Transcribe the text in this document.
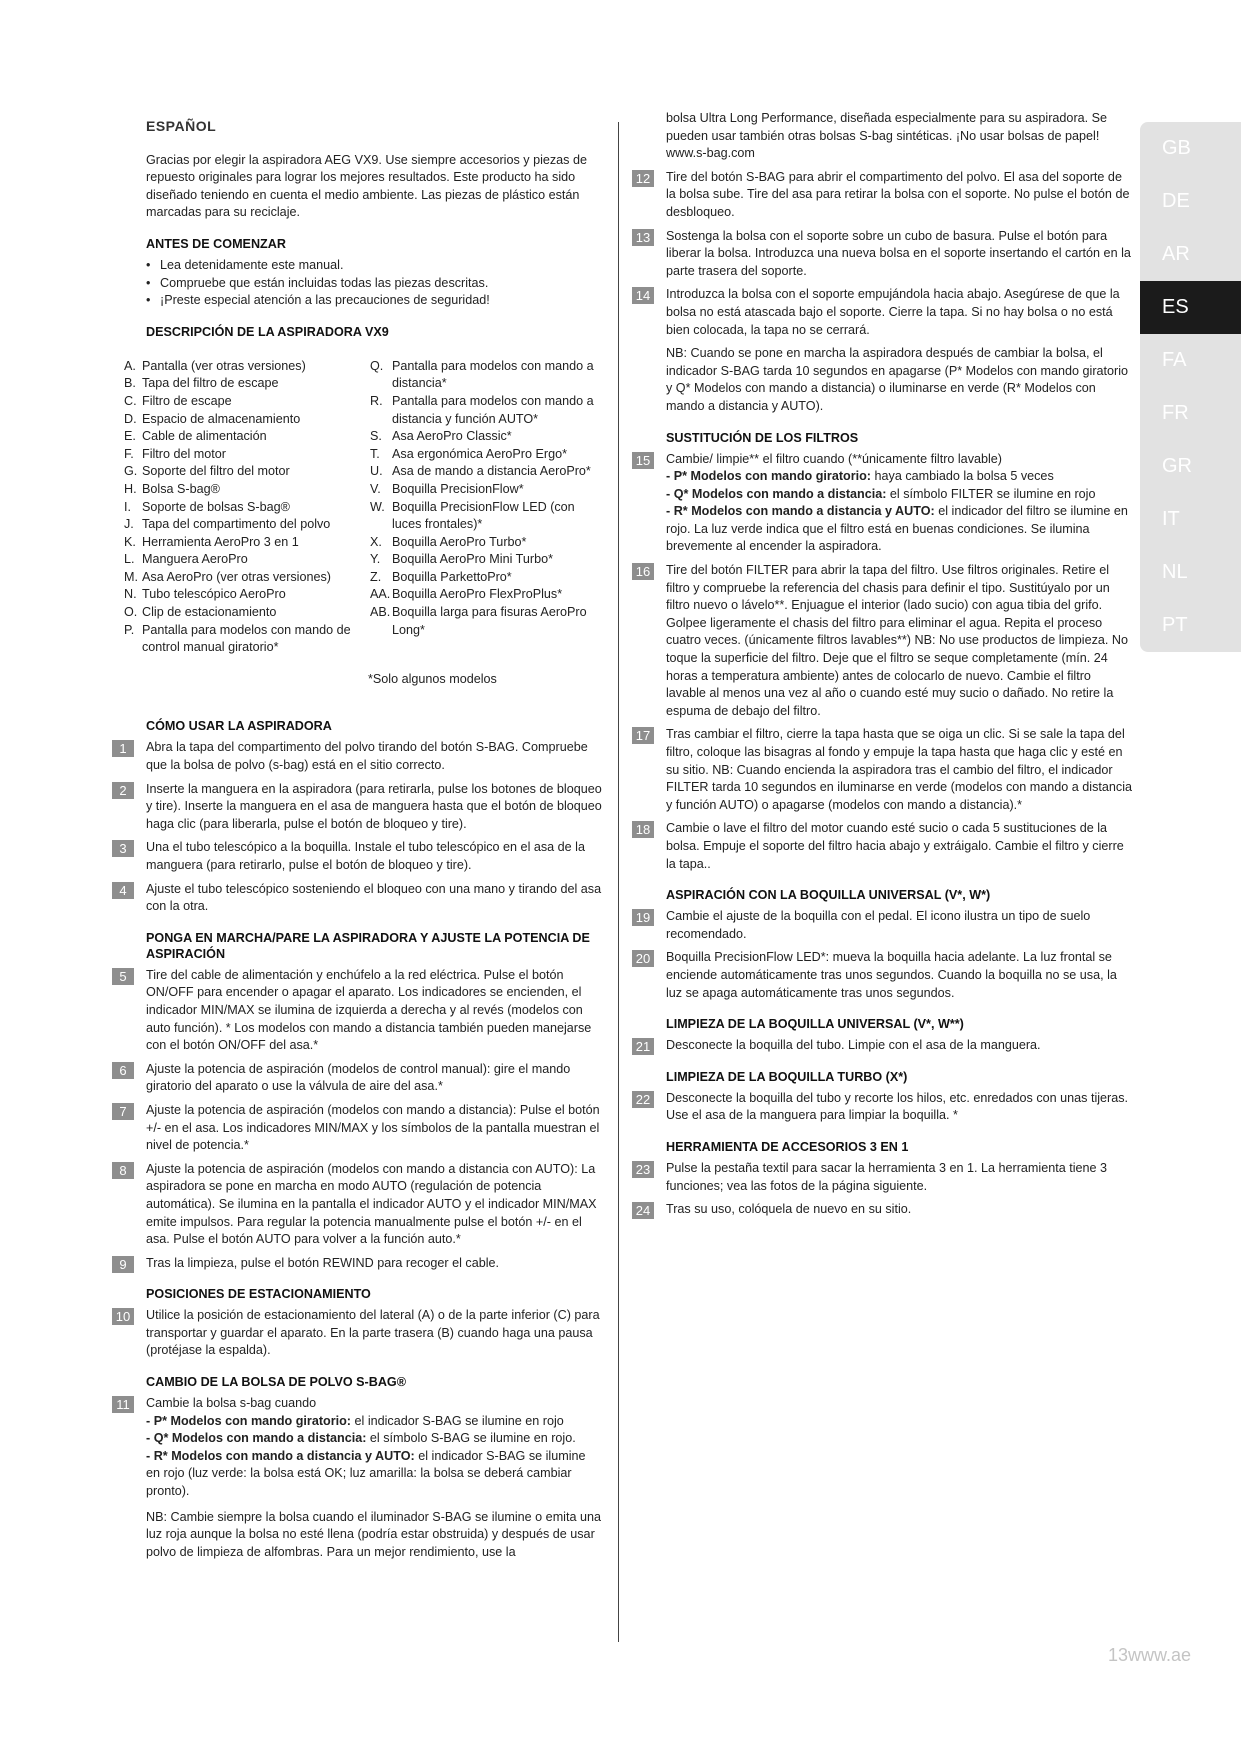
ESPAÑOL

Gracias por elegir la aspiradora AEG VX9. Use siempre accesorios y piezas de repuesto originales para lograr los mejores resultados. Este producto ha sido diseñado teniendo en cuenta el medio ambiente. Las piezas de plástico están marcadas para su reciclaje.

ANTES DE COMENZAR
• Lea detenidamente este manual.
• Compruebe que están incluidas todas las piezas descritas.
• ¡Preste especial atención a las precauciones de seguridad!
DESCRIPCIÓN DE LA ASPIRADORA VX9
A. Pantalla (ver otras versiones)
B. Tapa del filtro de escape
C. Filtro de escape
D. Espacio de almacenamiento
E. Cable de alimentación
F. Filtro del motor
G. Soporte del filtro del motor
H. Bolsa S-bag®
I. Soporte de bolsas S-bag®
J. Tapa del compartimento del polvo
K. Herramienta AeroPro 3 en 1
L. Manguera AeroPro
M. Asa AeroPro (ver otras versiones)
N. Tubo telescópico AeroPro
O. Clip de estacionamiento
P. Pantalla para modelos con mando de control manual giratorio*
Q. Pantalla para modelos con mando a distancia*
R. Pantalla para modelos con mando a distancia y función AUTO*
S. Asa AeroPro Classic*
T. Asa ergonómica AeroPro Ergo*
U. Asa de mando a distancia AeroPro*
V. Boquilla PrecisionFlow*
W. Boquilla PrecisionFlow LED (con luces frontales)*
X. Boquilla AeroPro Turbo*
Y. Boquilla AeroPro Mini Turbo*
Z. Boquilla ParkettoPro*
AA. Boquilla AeroPro FlexProPlus*
AB. Boquilla larga para fisuras AeroPro Long*
*Solo algunos modelos
CÓMO USAR LA ASPIRADORA
1	Abra la tapa del compartimento del polvo tirando del botón S-BAG. Compruebe que la bolsa de polvo (s-bag) está en el sitio correcto.
2	Inserte la manguera en la aspiradora (para retirarla, pulse los botones de bloqueo y tire). Inserte la manguera en el asa de manguera hasta que el botón de bloqueo haga clic (para liberarla, pulse el botón de bloqueo y tire).
3	Una el tubo telescópico a la boquilla. Instale el tubo telescópico en el asa de la manguera (para retirarlo, pulse el botón de bloqueo y tire).
4	Ajuste el tubo telescópico sosteniendo el bloqueo con una mano y tirando del asa con la otra.
PONGA EN MARCHA/PARE LA ASPIRADORA Y AJUSTE LA POTENCIA DE ASPIRACIÓN
5	Tire del cable de alimentación y enchúfelo a la red eléctrica. Pulse el botón ON/OFF para encender o apagar el aparato. Los indicadores se encienden, el indicador MIN/MAX se ilumina de izquierda a derecha y al revés (modelos con auto función). * Los modelos con mando a distancia también pueden manejarse con el botón ON/OFF del asa.*
6	Ajuste la potencia de aspiración (modelos de control manual): gire el mando giratorio del aparato o use la válvula de aire del asa.*
7	Ajuste la potencia de aspiración (modelos con mando a distancia): Pulse el botón +/- en el asa. Los indicadores MIN/MAX y los símbolos de la pantalla muestran el nivel de potencia.*
8	Ajuste la potencia de aspiración (modelos con mando a distancia con AUTO): La aspiradora se pone en marcha en modo AUTO (regulación de potencia automática). Se ilumina en la pantalla el indicador AUTO y el indicador MIN/MAX emite impulsos. Para regular la potencia manualmente pulse el botón +/- en el asa. Pulse el botón AUTO para volver a la función auto.*
9	Tras la limpieza, pulse el botón REWIND para recoger el cable.
POSICIONES DE ESTACIONAMIENTO
10 Utilice la posición de estacionamiento del lateral (A) o de la parte inferior (C) para transportar y guardar el aparato. En la parte trasera (B) cuando haga una pausa (protéjase la espalda).
CAMBIO DE LA BOLSA DE POLVO S-BAG®
11	Cambie la bolsa s-bag cuando
- P* Modelos con mando giratorio: el indicador S-BAG se ilumine en rojo
- Q* Modelos con mando a distancia: el símbolo S-BAG se ilumine en rojo.
- R* Modelos con mando a distancia y AUTO: el indicador S-BAG se ilumine en rojo (luz verde: la bolsa está OK; luz amarilla: la bolsa se deberá cambiar pronto).
NB: Cambie siempre la bolsa cuando el iluminador S-BAG se ilumine o emita una luz roja aunque la bolsa no esté llena (podría estar obstruida) y después de usar polvo de limpieza de alfombras. Para un mejor rendimiento, use la

bolsa Ultra Long Performance, diseñada especialmente para su aspiradora. Se pueden usar también otras bolsas S-bag sintéticas. ¡No usar bolsas de papel! www.s-bag.com

12 Tire del botón S-BAG para abrir el compartimento del polvo. El asa del soporte de la bolsa sube. Tire del asa para retirar la bolsa con el soporte. No pulse el botón de desbloqueo.
13 Sostenga la bolsa con el soporte sobre un cubo de basura. Pulse el botón para liberar la bolsa. Introduzca una nueva bolsa en el soporte insertando el cartón en la parte trasera del soporte.
14 Introduzca la bolsa con el soporte empujándola hacia abajo. Asegúrese de que la bolsa no está atascada bajo el soporte. Cierre la tapa. Si no hay bolsa o no está bien colocada, la tapa no se cerrará.

NB: Cuando se pone en marcha la aspiradora después de cambiar la bolsa, el indicador S-BAG tarda 10 segundos en apagarse (P* Modelos con mando giratorio y Q* Modelos con mando a distancia) o iluminarse en verde (R* Modelos con mando a distancia y AUTO).

SUSTITUCIÓN DE LOS FILTROS
15 Cambie/ limpie** el filtro cuando (**únicamente filtro lavable)
- P* Modelos con mando giratorio: haya cambiado la bolsa 5 veces
- Q* Modelos con mando a distancia: el símbolo FILTER se ilumine en rojo
- R* Modelos con mando a distancia y AUTO: el indicador del filtro se ilumine en rojo. La luz verde indica que el filtro está en buenas condiciones. Se ilumina brevemente al encender la aspiradora.
16 Tire del botón FILTER para abrir la tapa del filtro. Use filtros originales. Retire el filtro y compruebe la referencia del chasis para definir el tipo. Sustitúyalo por un filtro nuevo o lávelo**. Enjuague el interior (lado sucio) con agua tibia del grifo. Golpee ligeramente el chasis del filtro para eliminar el agua. Repita el proceso cuatro veces. (únicamente filtros lavables**) NB: No use productos de limpieza. No toque la superficie del filtro. Deje que el filtro se seque completamente (mín. 24 horas a temperatura ambiente) antes de colocarlo de nuevo. Cambie el filtro lavable al menos una vez al año o cuando esté muy sucio o dañado. No retire la espuma de debajo del filtro.
17 Tras cambiar el filtro, cierre la tapa hasta que se oiga un clic. Si se sale la tapa del filtro, coloque las bisagras al fondo y empuje la tapa hasta que haga clic y esté en su sitio. NB: Cuando encienda la aspiradora tras el cambio del filtro, el indicador FILTER tarda 10 segundos en iluminarse en verde (modelos con mando a distancia y función AUTO) o apagarse (modelos con mando a distancia).*
18 Cambie o lave el filtro del motor cuando esté sucio o cada 5 sustituciones de la bolsa. Empuje el soporte del filtro hacia abajo y extráigalo. Cambie el filtro y cierre la tapa..
ASPIRACIÓN CON LA BOQUILLA UNIVERSAL (V*, W*)
19 Cambie el ajuste de la boquilla con el pedal. El icono ilustra un tipo de suelo recomendado.
20 Boquilla PrecisionFlow LED*: mueva la boquilla hacia adelante. La luz frontal se enciende automáticamente tras unos segundos. Cuando la boquilla no se usa, la luz se apaga automáticamente tras unos segundos.
LIMPIEZA DE LA BOQUILLA UNIVERSAL (V*, W**)
21 Desconecte la boquilla del tubo. Limpie con el asa de la manguera.
LIMPIEZA DE LA BOQUILLA TURBO (X*)
22 Desconecte la boquilla del tubo y recorte los hilos, etc. enredados con unas tijeras. Use el asa de la manguera para limpiar la boquilla. *
HERRAMIENTA DE ACCESORIOS 3 EN 1
23 Pulse la pestaña textil para sacar la herramienta 3 en 1. La herramienta tiene 3 funciones; vea las fotos de la página siguiente.
24 Tras su uso, colóquela de nuevo en su sitio.
GB
DE
AR
ES
FA
FR
GR
IT
NL
PT
13www.ae
